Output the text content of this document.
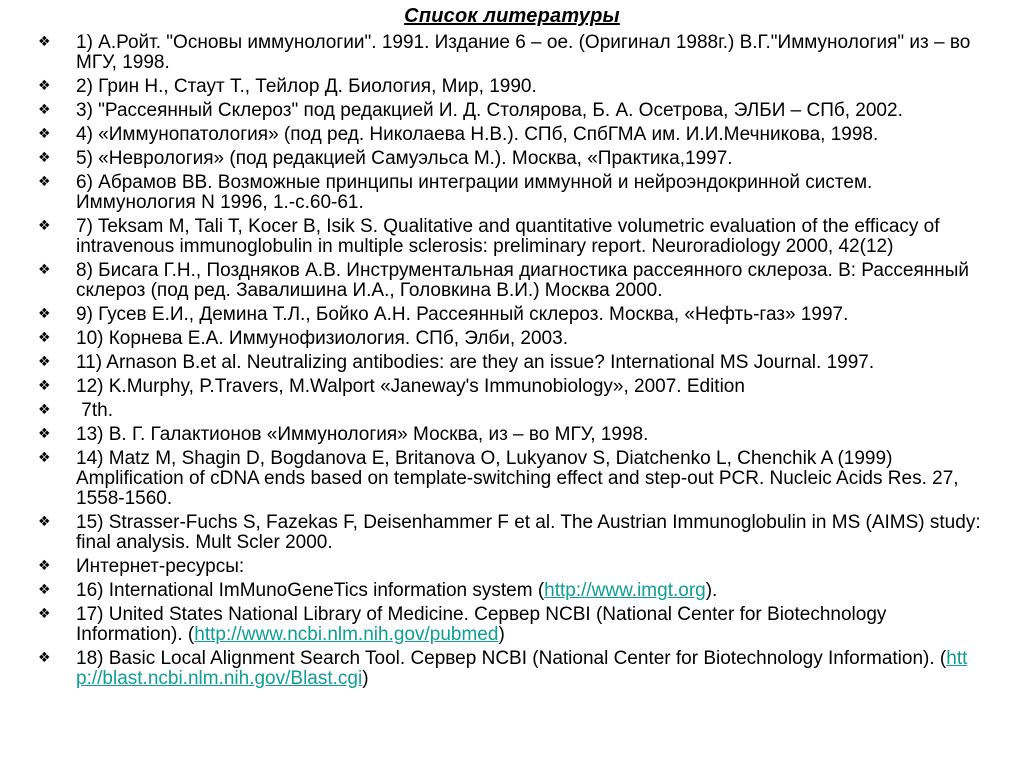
Список литературы
❖ 1) А.Ройт. "Основы иммунологии". 1991. Издание 6 – ое. (Оригинал 1988г.) В.Г."Иммунология" из – во МГУ, 1998.
❖ 2) Грин Н., Стаут Т., Тейлор Д. Биология, Мир, 1990.
❖ 3) "Рассеянный Склероз" под редакцией И. Д. Столярова, Б. А. Осетрова, ЭЛБИ – СПб, 2002.
❖ 4) «Иммунопатология» (под ред. Николаева Н.В.). СПб, СпбГМА им. И.И.Мечникова, 1998.
❖ 5) «Неврология» (под редакцией Самуэльса М.). Москва, «Практика,1997.
❖ 6) Абрамов ВВ. Возможные принципы интеграции иммунной и нейроэндокринной систем. Иммунология N 1996, 1.-с.60-61.
❖ 7) Teksam M, Tali T, Kocer B, Isik S. Qualitative and quantitative volumetric evaluation of the efficacy of intravenous immunoglobulin in multiple sclerosis: preliminary report. Neuroradiology 2000, 42(12)
❖ 8) Бисага Г.Н., Поздняков А.В. Инструментальная диагностика рассеянного склероза. В: Рассеянный склероз (под ред. Завалишина И.А., Головкина В.И.) Москва 2000.
❖ 9) Гусев Е.И., Демина Т.Л., Бойко А.Н. Рассеянный склероз. Москва, «Нефть-газ» 1997.
❖ 10) Корнева Е.А. Иммунофизиология. СПб, Элби, 2003.
❖ 11) Arnason B.et al. Neutralizing antibodies: are they an issue? International MS Journal. 1997.
❖ 12) K.Murphy, P.Travers, M.Walport «Janeway's Immunobiology», 2007. Edition
❖ 7th.
❖ 13) В. Г. Галактионов «Иммунология» Москва, из – во МГУ, 1998.
❖ 14) Matz M, Shagin D, Bogdanova E, Britanova O, Lukyanov S, Diatchenko L, Chenchik A (1999) Amplification of cDNA ends based on template-switching effect and step-out PCR. Nucleic Acids Res. 27, 1558-1560.
❖ 15) Strasser-Fuchs S, Fazekas F, Deisenhammer F et al. The Austrian Immunoglobulin in MS (AIMS) study: final analysis. Mult Scler 2000.
❖ Интернет-ресурсы:
❖ 16) International ImMunoGeneTics information system (http://www.imgt.org).
❖ 17) United States National Library of Medicine. Сервер NCBI (National Center for Biotechnology Information). (http://www.ncbi.nlm.nih.gov/pubmed)
❖ 18) Basic Local Alignment Search Tool. Сервер NCBI (National Center for Biotechnology Information). (http://blast.ncbi.nlm.nih.gov/Blast.cgi)
